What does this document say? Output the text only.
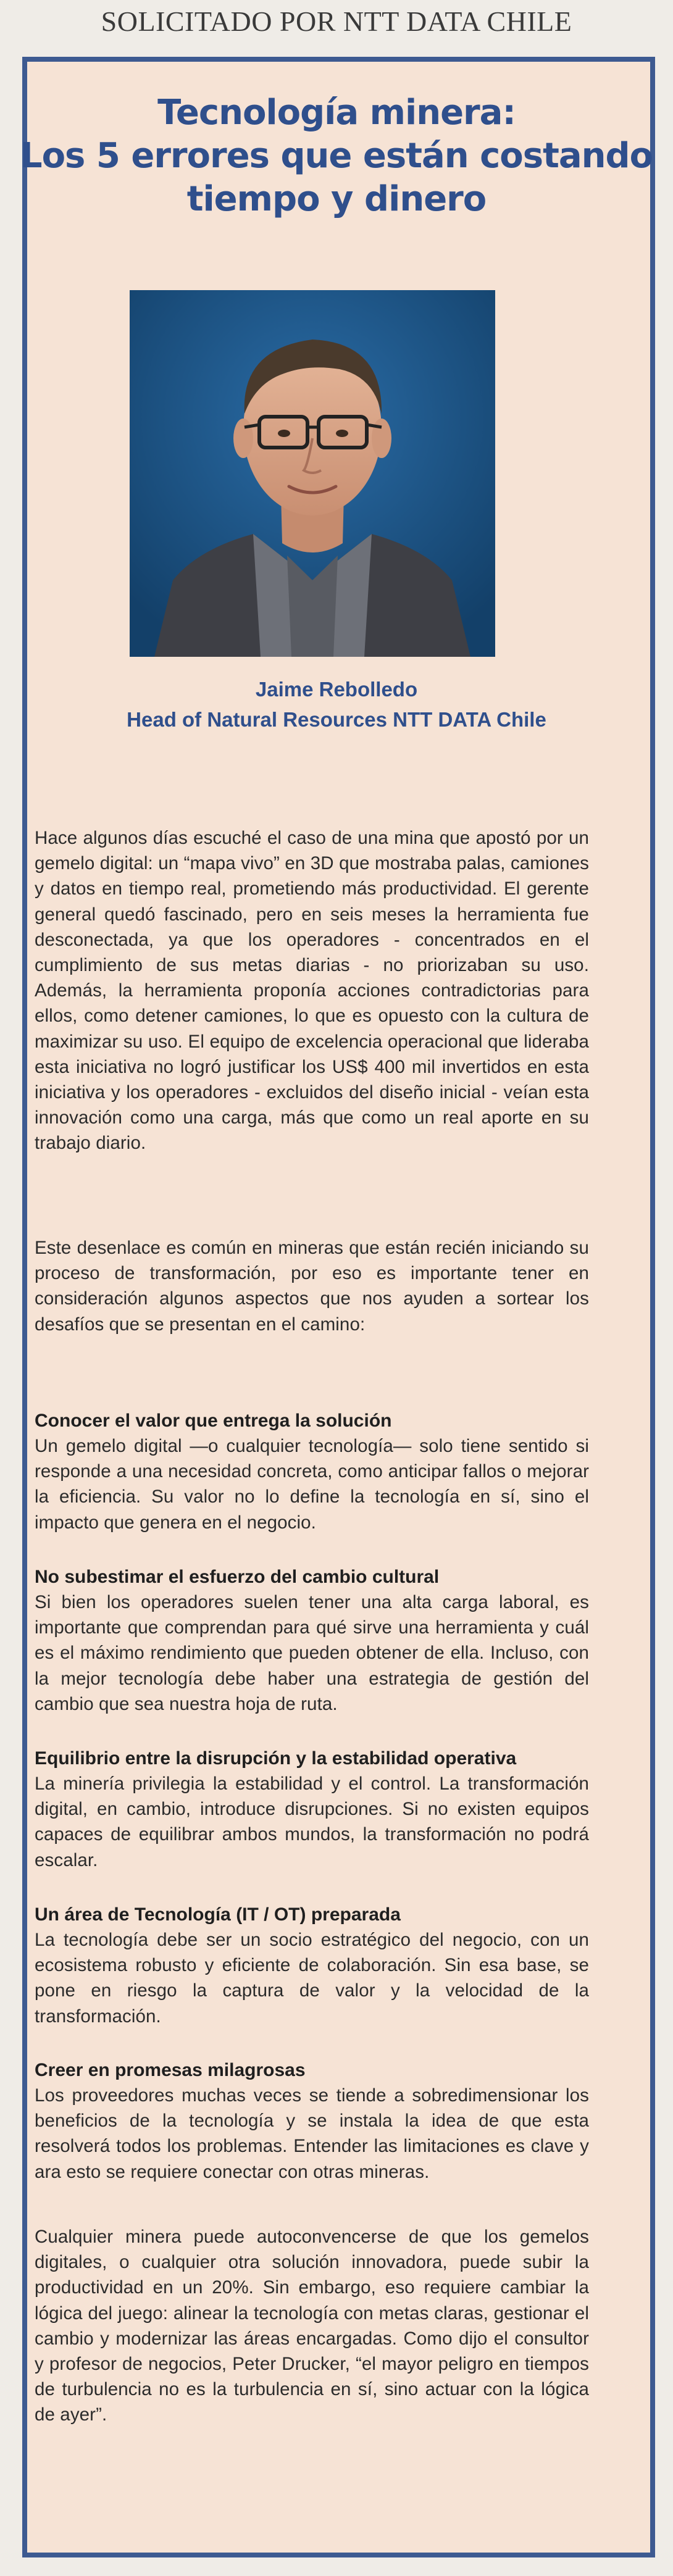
SOLICITADO POR NTT DATA CHILE
Tecnología minera:
Los 5 errores que están costando
tiempo y dinero
Jaime Rebolledo
Head of Natural Resources NTT DATA Chile

Hace algunos días escuché el caso de una mina que apostó por un gemelo digital: un “mapa vivo” en 3D que mostraba palas, camiones y datos en tiempo real, prometiendo más productividad. El gerente general quedó fascinado, pero en seis meses la herramienta fue desconectada, ya que los operadores - concentrados en el cumplimiento de sus metas diarias - no priorizaban su uso. Además, la herramienta proponía acciones contradictorias para ellos, como detener camiones, lo que es opuesto con la cultura de maximizar su uso. El equipo de excelencia operacional que lideraba esta iniciativa no logró justificar los US$ 400 mil invertidos en esta iniciativa y los operadores - excluidos del diseño inicial - veían esta innovación como una carga, más que como un real aporte en su trabajo diario.

Este desenlace es común en mineras que están recién iniciando su proceso de transformación, por eso es importante tener en consideración algunos aspectos que nos ayuden a sortear los desafíos que se presentan en el camino:

Conocer el valor que entrega la solución

Un gemelo digital —o cualquier tecnología— solo tiene sentido si responde a una necesidad concreta, como anticipar fallos o mejorar la eficiencia. Su valor no lo define la tecnología en sí, sino el impacto que genera en el negocio.

No subestimar el esfuerzo del cambio cultural

Si bien los operadores suelen tener una alta carga laboral, es importante que comprendan para qué sirve una herramienta y cuál es el máximo rendimiento que pueden obtener de ella. Incluso, con la mejor tecnología debe haber una estrategia de gestión del cambio que sea nuestra hoja de ruta.

Equilibrio entre la disrupción y la estabilidad operativa

La minería privilegia la estabilidad y el control. La transformación digital, en cambio, introduce disrupciones. Si no existen equipos capaces de equilibrar ambos mundos, la transformación no podrá escalar.

Un área de Tecnología (IT / OT) preparada

La tecnología debe ser un socio estratégico del negocio, con un ecosistema robusto y eficiente de colaboración. Sin esa base, se pone en riesgo la captura de valor y la velocidad de la transformación.

Creer en promesas milagrosas

Los proveedores muchas veces se tiende a sobredimensionar los beneficios de la tecnología y se instala la idea de que esta resolverá todos los problemas. Entender las limitaciones es clave y ara esto se requiere conectar con otras mineras.

Cualquier minera puede autoconvencerse de que los gemelos digitales, o cualquier otra solución innovadora, puede subir la productividad en un 20%. Sin embargo, eso requiere cambiar la lógica del juego: alinear la tecnología con metas claras, gestionar el cambio y modernizar las áreas encargadas. Como dijo el consultor y profesor de negocios, Peter Drucker, “el mayor peligro en tiempos de turbulencia no es la turbulencia en sí, sino actuar con la lógica de ayer”.
